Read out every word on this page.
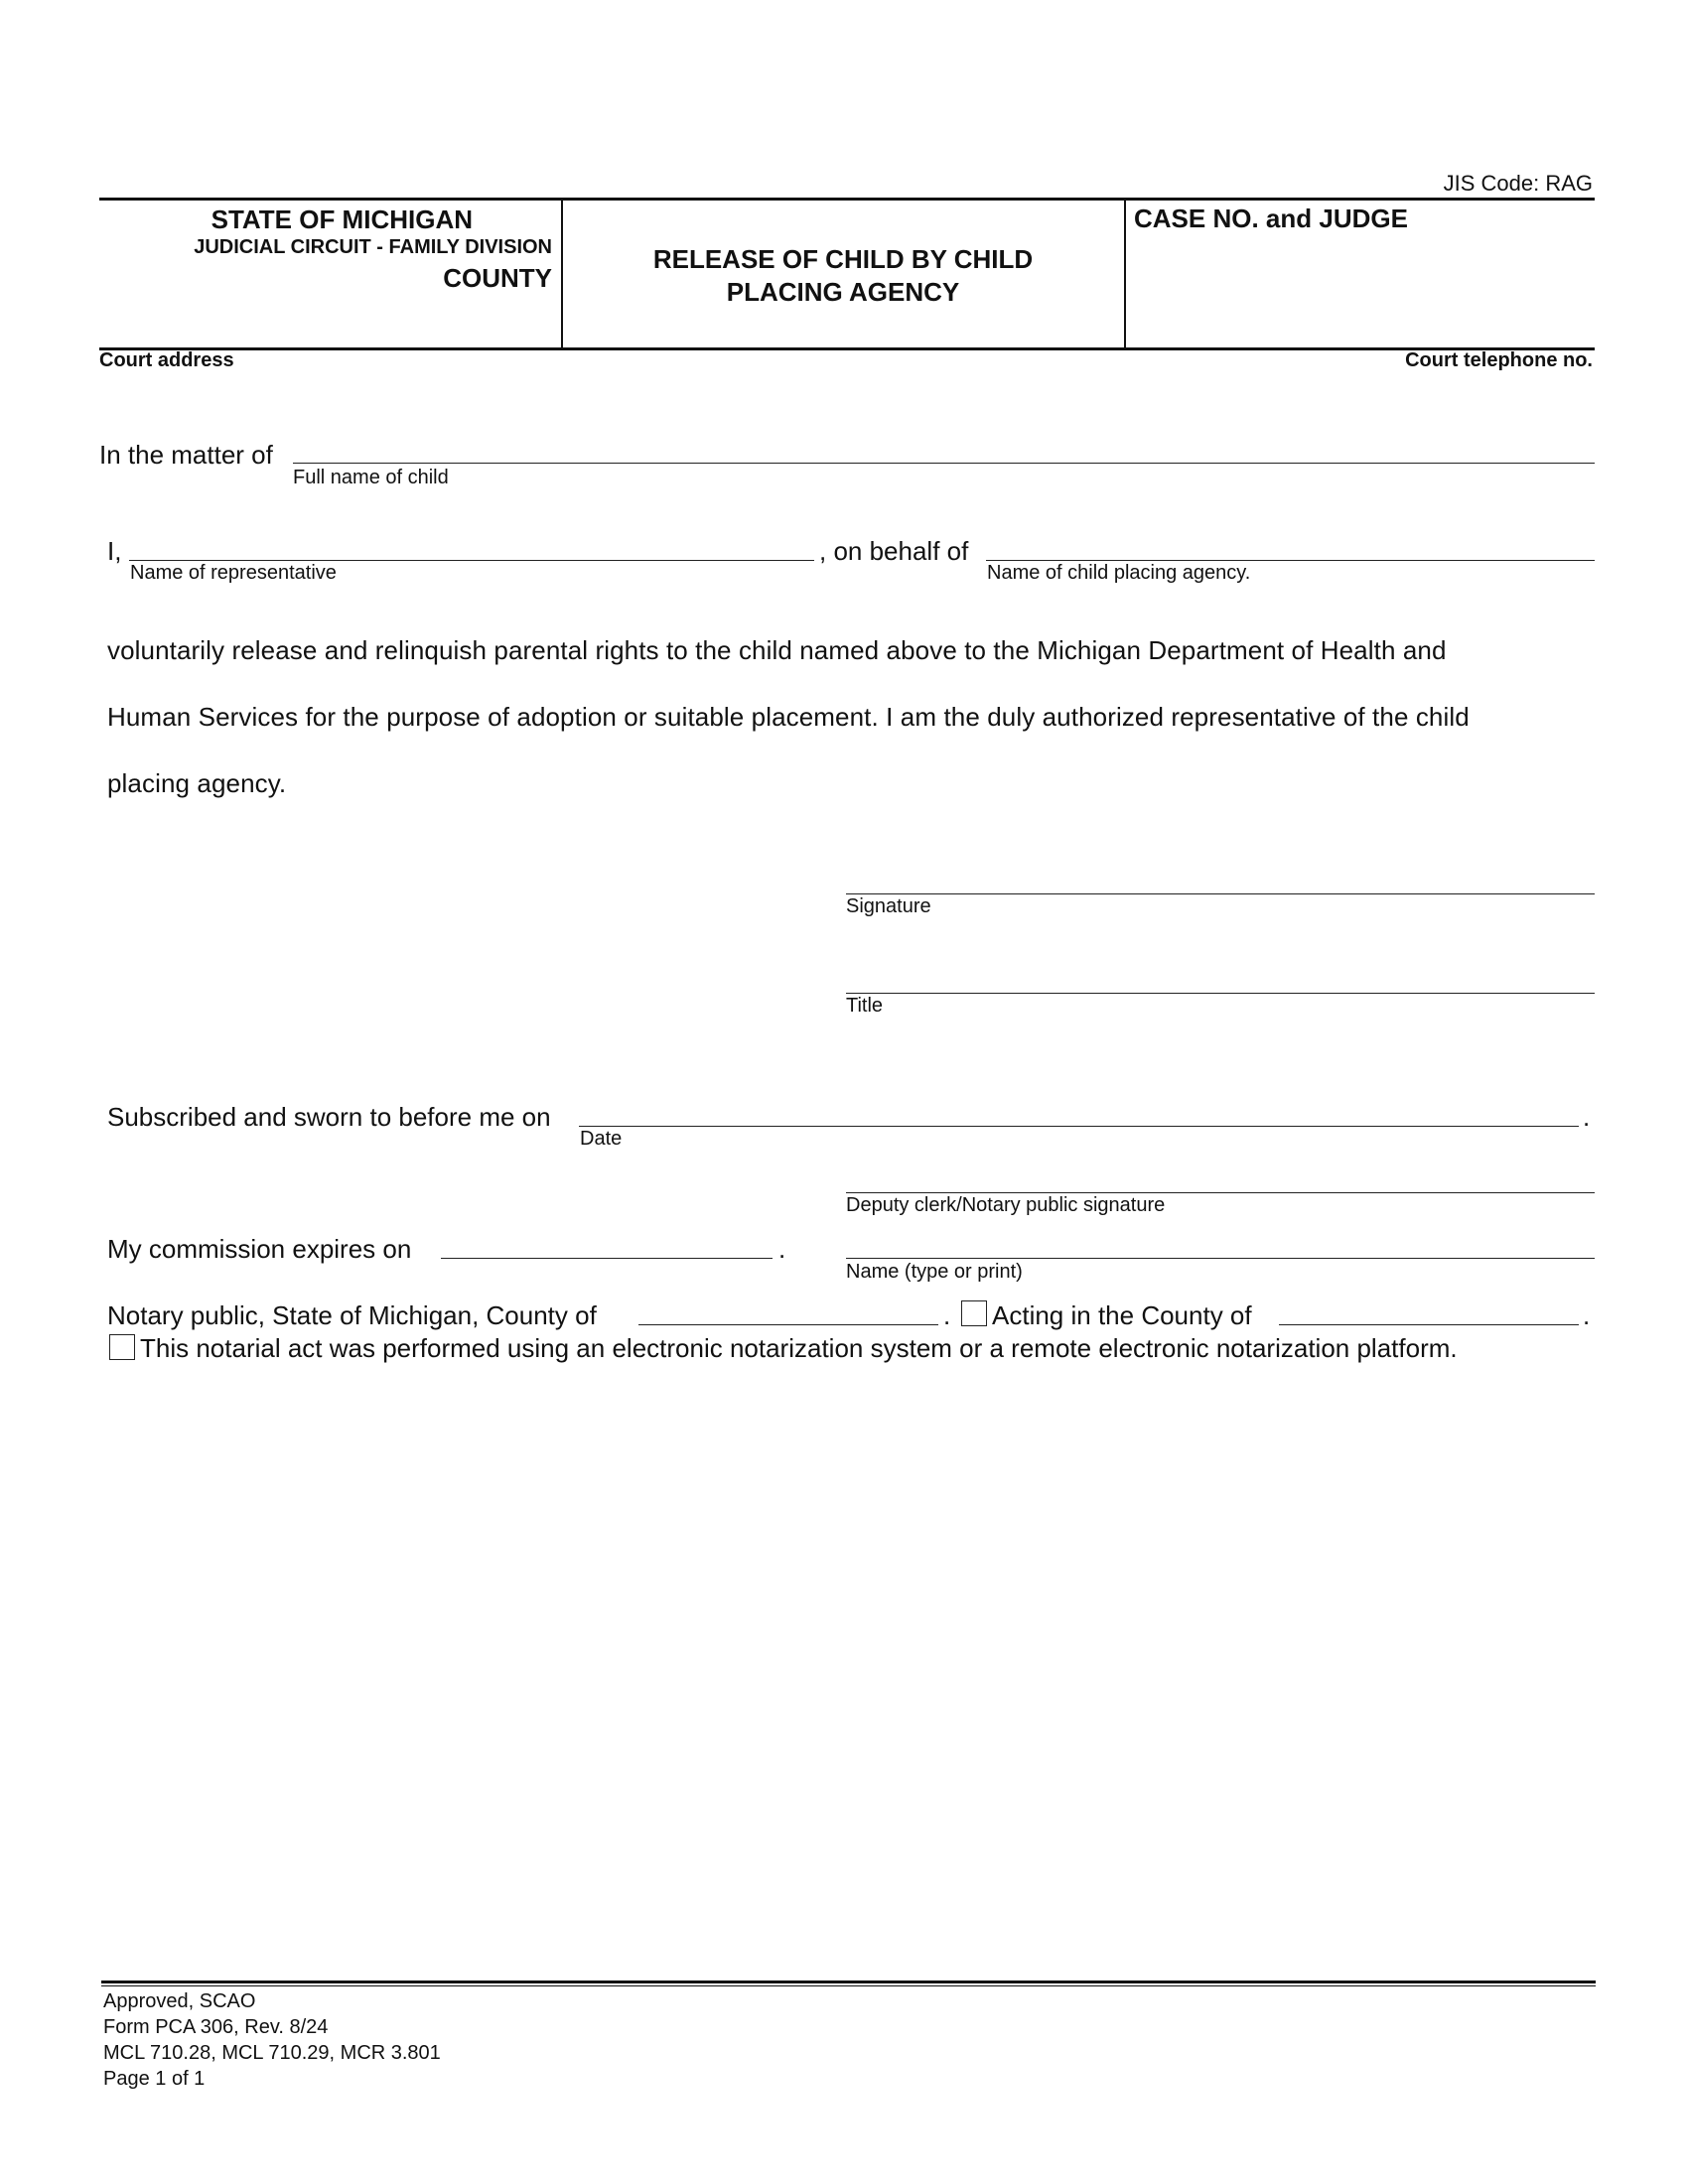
JIS Code: RAG
STATE OF MICHIGAN
JUDICIAL CIRCUIT - FAMILY DIVISION
COUNTY
RELEASE OF CHILD BY CHILD
PLACING AGENCY
CASE NO. and JUDGE
Court address	Court telephone no.
In the matter of
Full name of child
I,
Name of representative
, on behalf of
Name of child placing agency.
voluntarily release and relinquish parental rights to the child named above to the Michigan Department of Health and
Human Services for the purpose of adoption or suitable placement. I am the duly authorized representative of the child
placing agency.
Signature
Title
Subscribed and sworn to before me on	.
Date
Deputy clerk/Notary public signature
My commission expires on	.
Name (type or print)
Notary public, State of Michigan, County of	. Acting in the County of	.
This notarial act was performed using an electronic notarization system or a remote electronic notarization platform.
Approved, SCAO
Form PCA 306, Rev. 8/24
MCL 710.28, MCL 710.29, MCR 3.801
Page 1 of 1
